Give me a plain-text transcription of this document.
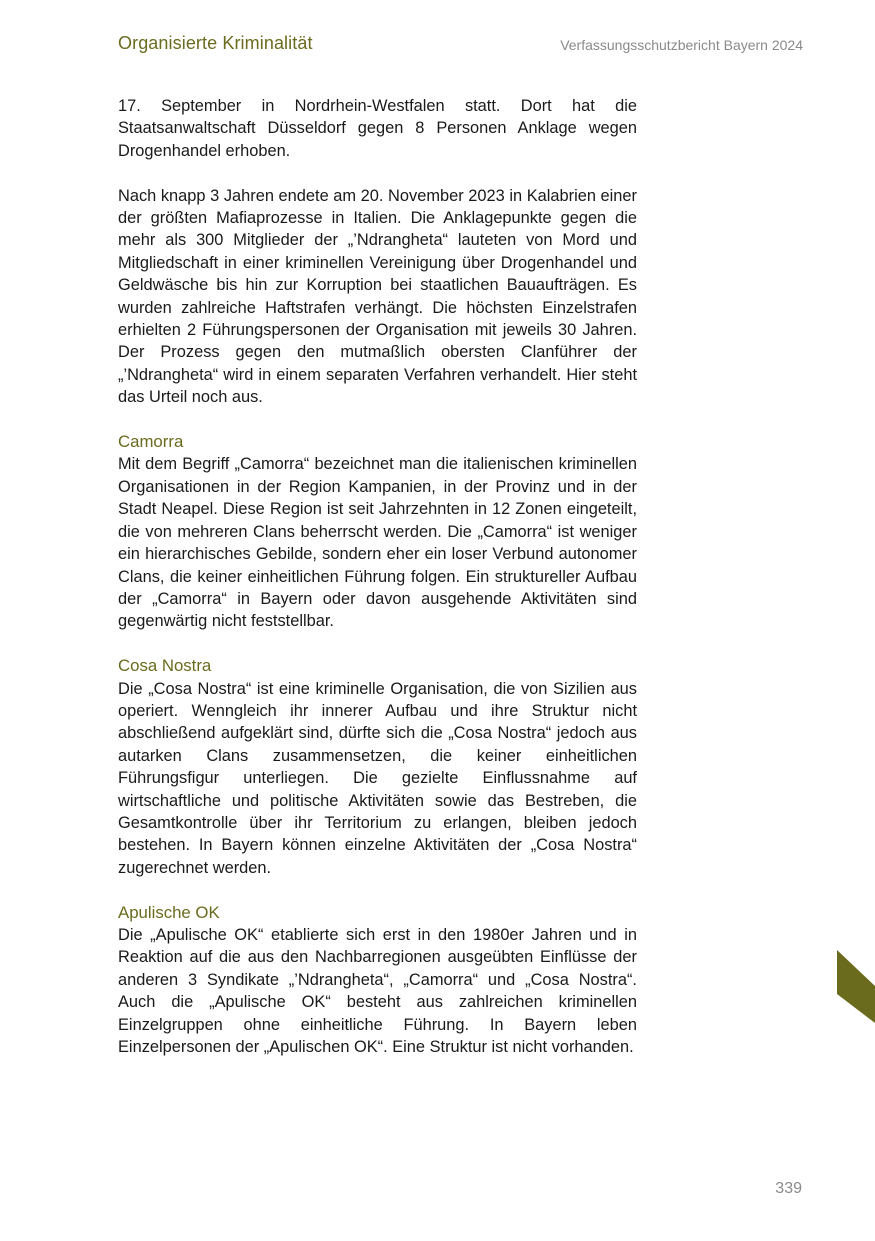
Organisierte Kriminalität	Verfassungsschutzbericht Bayern 2024

17. September in Nordrhein-Westfalen statt. Dort hat die Staatsanwaltschaft Düsseldorf gegen 8 Personen Anklage wegen Drogenhandel erhoben.

Nach knapp 3 Jahren endete am 20. November 2023 in Kalabrien einer der größten Mafiaprozesse in Italien. Die Anklagepunkte gegen die mehr als 300 Mitglieder der „’Ndrangheta“ lauteten von Mord und Mitgliedschaft in einer kriminellen Vereinigung über Drogenhandel und Geldwäsche bis hin zur Korruption bei staatlichen Bauaufträgen. Es wurden zahlreiche Haftstrafen verhängt. Die höchsten Einzelstrafen erhielten 2 Führungspersonen der Organisation mit jeweils 30 Jahren. Der Prozess gegen den mutmaßlich obersten Clanführer der „’Ndrangheta“ wird in einem separaten Verfahren verhandelt. Hier steht das Urteil noch aus.

Camorra

Mit dem Begriff „Camorra“ bezeichnet man die italienischen kriminellen Organisationen in der Region Kampanien, in der Provinz und in der Stadt Neapel. Diese Region ist seit Jahrzehnten in 12 Zonen eingeteilt, die von mehreren Clans beherrscht werden. Die „Camorra“ ist weniger ein hierarchisches Gebilde, sondern eher ein loser Verbund autonomer Clans, die keiner einheitlichen Führung folgen. Ein struktureller Aufbau der „Camorra“ in Bayern oder davon ausgehende Aktivitäten sind gegenwärtig nicht feststellbar.

Cosa Nostra

Die „Cosa Nostra“ ist eine kriminelle Organisation, die von Sizilien aus operiert. Wenngleich ihr innerer Aufbau und ihre Struktur nicht abschließend aufgeklärt sind, dürfte sich die „Cosa Nostra“ jedoch aus autarken Clans zusammensetzen, die keiner einheitlichen Führungsfigur unterliegen. Die gezielte Einflussnahme auf wirtschaftliche und politische Aktivitäten sowie das Bestreben, die Gesamtkontrolle über ihr Territorium zu erlangen, bleiben jedoch bestehen. In Bayern können einzelne Aktivitäten der „Cosa Nostra“ zugerechnet werden.

Apulische OK

Die „Apulische OK“ etablierte sich erst in den 1980er Jahren und in Reaktion auf die aus den Nachbarregionen ausgeübten Einflüsse der anderen 3 Syndikate „’Ndrangheta“, „Camorra“ und „Cosa Nostra“. Auch die „Apulische OK“ besteht aus zahlreichen kriminellen Einzelgruppen ohne einheitliche Führung. In Bayern leben Einzelpersonen der „Apulischen OK“. Eine Struktur ist nicht vorhanden.

339
